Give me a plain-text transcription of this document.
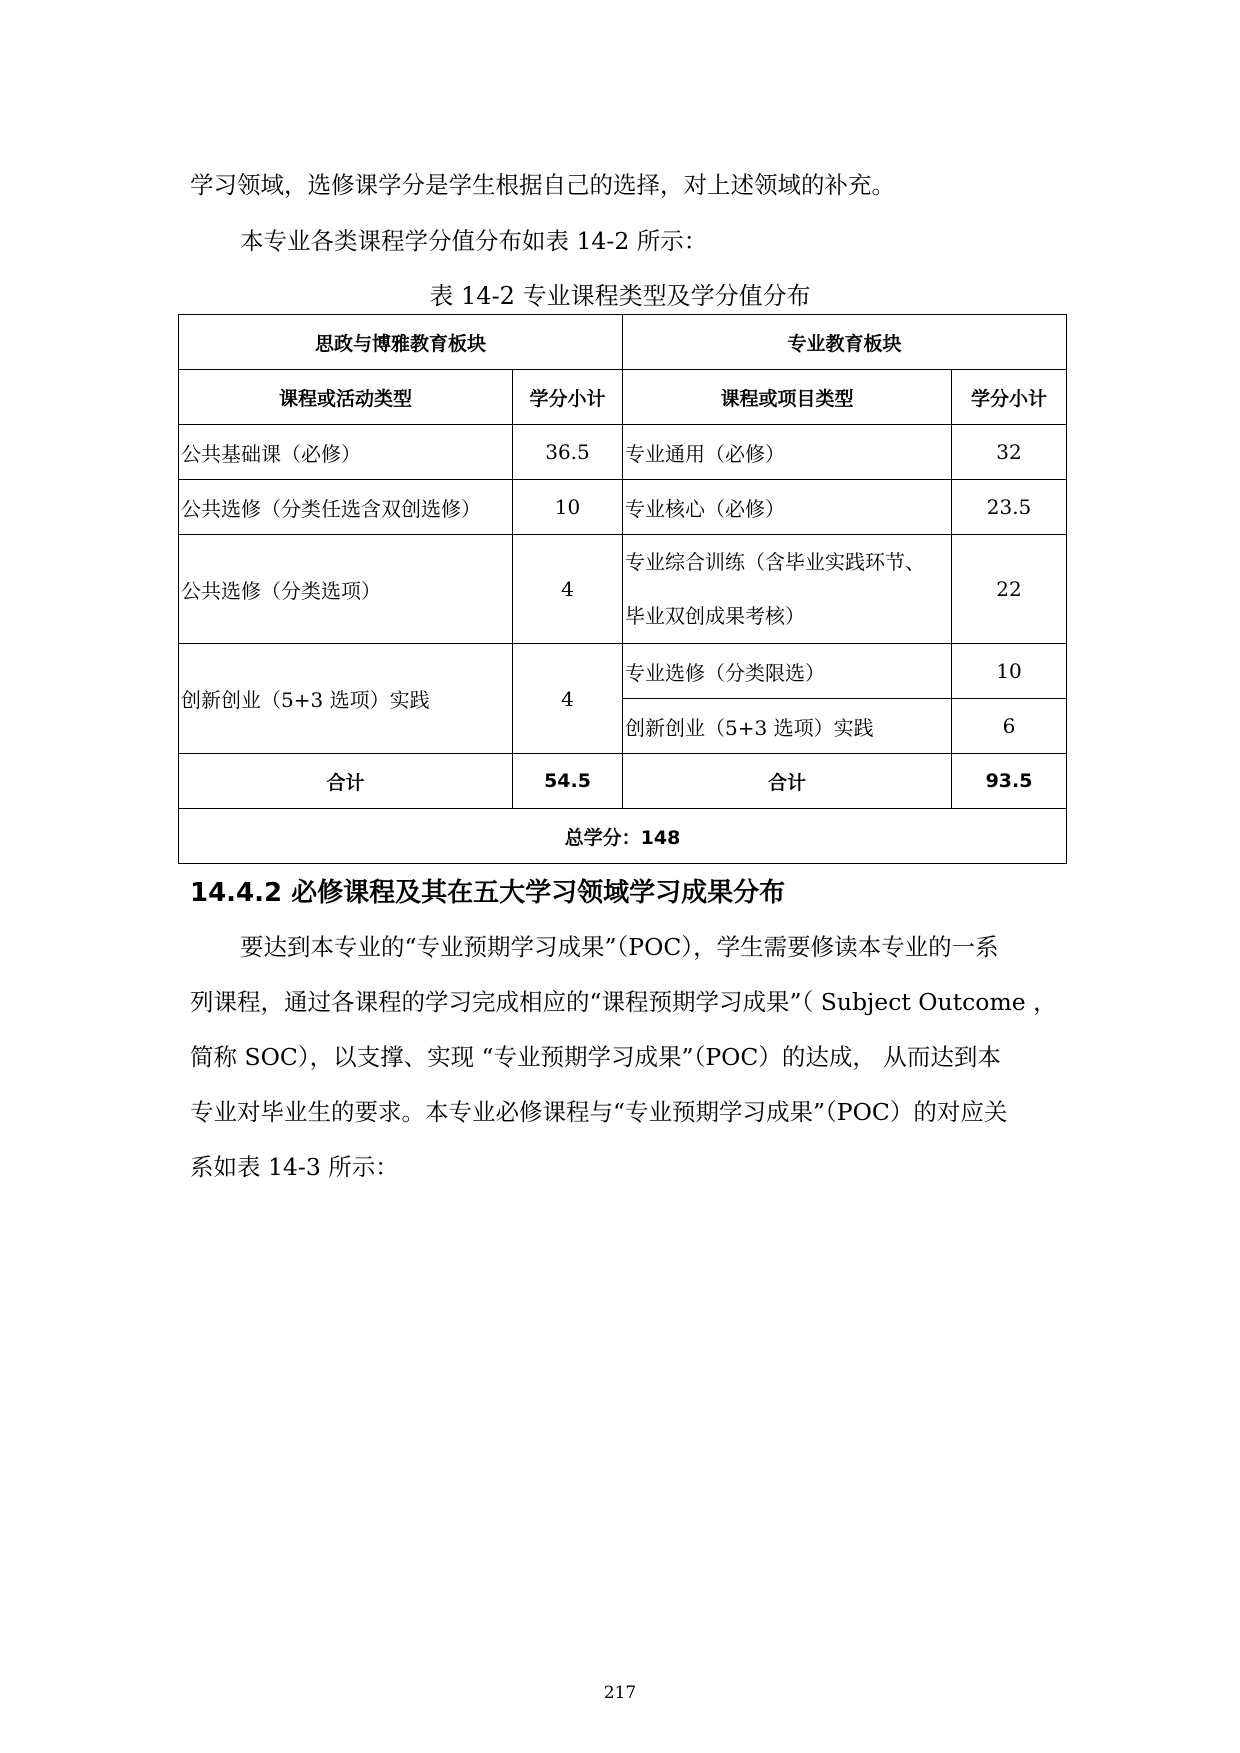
学习领域，选修课学分是学生根据自己的选择，对上述领域的补充。

本专业各类课程学分值分布如表 14-2 所示：

表 14-2 专业课程类型及学分值分布

思政与博雅教育板块		专业教育板块	
课程或活动类型	学分小计	课程或项目类型	学分小计
公共基础课（必修）	36.5	专业通用（必修）	32
公共选修（分类任选含双创选修）	10	专业核心（必修）	23.5
公共选修（分类选项）	4	专业综合训练（含毕业实践环节、
毕业双创成果考核）	22
创新创业（5+3 选项）实践	4	专业选修（分类限选）	10
		创新创业（5+3 选项）实践	6
合计	54.5	合计	93.5
总学分：148			

14.4.2 必修课程及其在五大学习领域学习成果分布

要达到本专业的“专业预期学习成果”（POC），学生需要修读本专业的一系

列课程，通过各课程的学习完成相应的“课程预期学习成果”（ Subject Outcome ，

简称 SOC），以支撑、实现 “专业预期学习成果”（POC）的达成， 从而达到本

专业对毕业生的要求。本专业必修课程与“专业预期学习成果”（POC）的对应关

系如表 14-3 所示：

217
